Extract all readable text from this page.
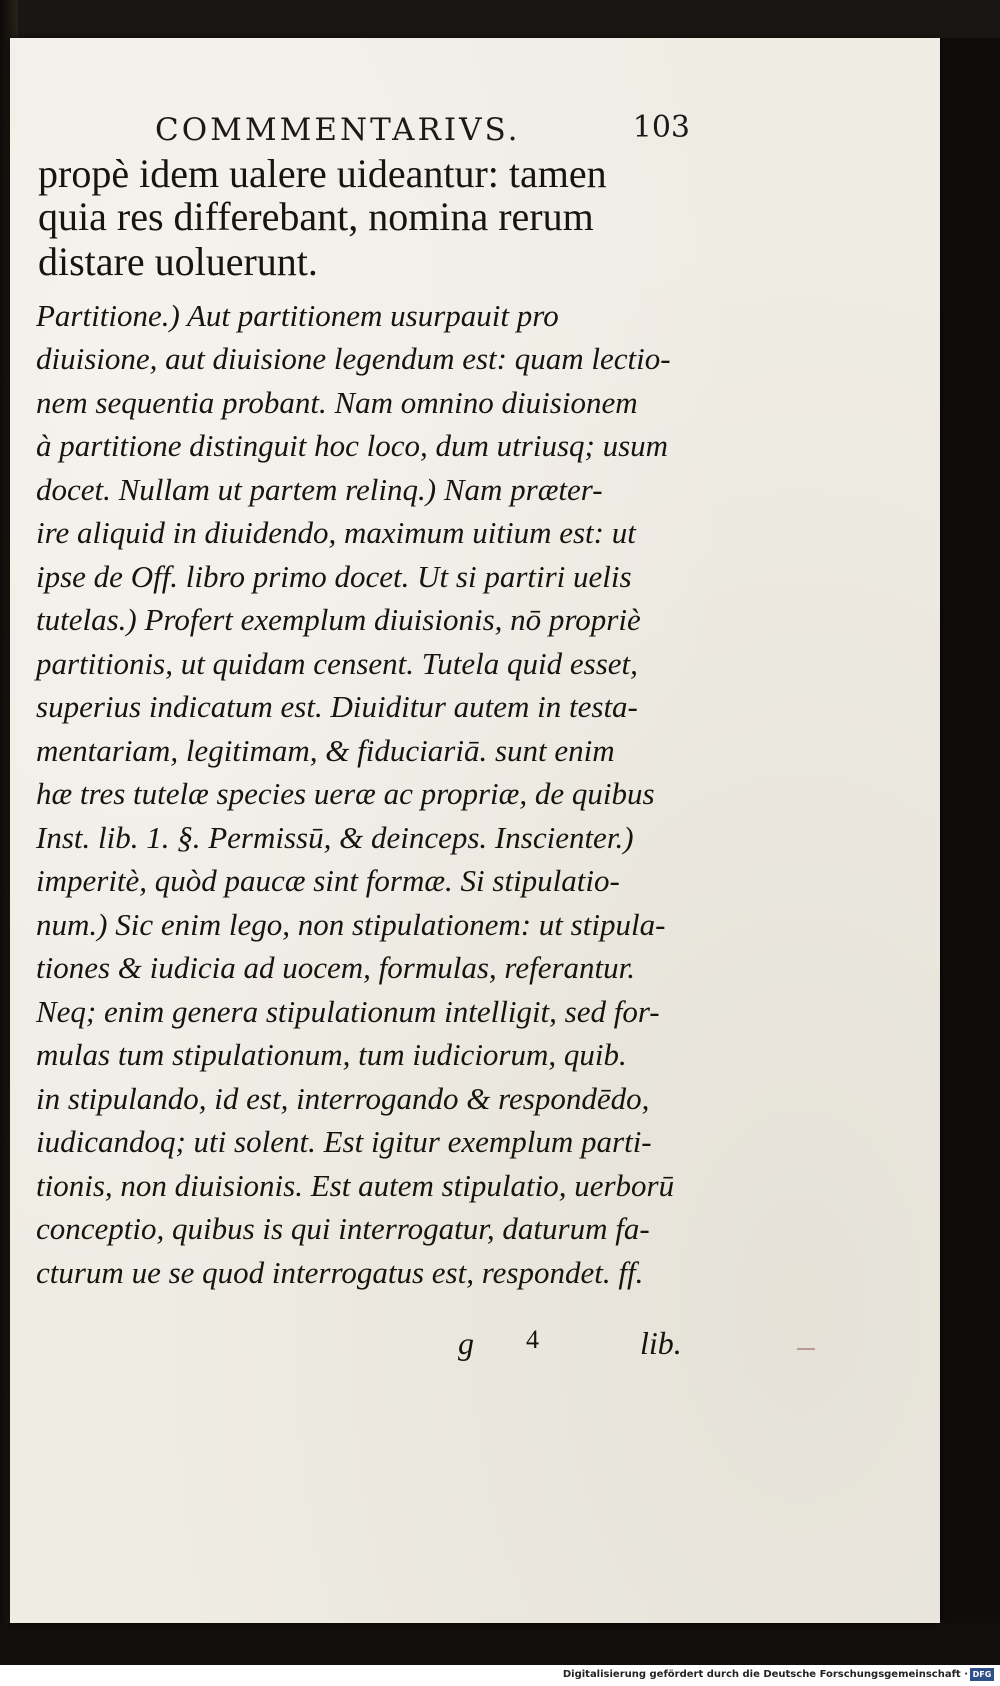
COMMMENTARIVS.	103
propè idem ualere uideantur: tamen
quia res differebant, nomina rerum
distare uoluerunt.
Partitione.) Aut partitionem usurpauit pro
diuisione, aut diuisione legendum est: quam lectio-
nem sequentia probant. Nam omnino diuisionem
à partitione distinguit hoc loco, dum utriusq; usum
docet. Nullam ut partem relinq.) Nam præter-
ire aliquid in diuidendo, maximum uitium est: ut
ipse de Off. libro primo docet. Ut si partiri uelis
tutelas.) Profert exemplum diuisionis, nō propriè
partitionis, ut quidam censent. Tutela quid esset,
superius indicatum est. Diuiditur autem in testa-
mentariam, legitimam, & fiduciariā. sunt enim
hæ tres tutelæ species ueræ ac propriæ, de quibus
Inst. lib. 1. §. Permissū, & deinceps. Inscienter.)
imperitè, quòd paucæ sint formæ. Si stipulatio-
num.) Sic enim lego, non stipulationem: ut stipula-
tiones & iudicia ad uocem, formulas, referantur.
Neq; enim genera stipulationum intelligit, sed for-
mulas tum stipulationum, tum iudiciorum, quib.
in stipulando, id est, interrogando & respondēdo,
iudicandoq; uti solent. Est igitur exemplum parti-
tionis, non diuisionis. Est autem stipulatio, uerborū
conceptio, quibus is qui interrogatur, daturum fa-
cturum ue se quod interrogatus est, respondet. ff.
g 4	lib.
Digitalisierung gefördert durch die Deutsche Forschungsgemeinschaft · DFG
